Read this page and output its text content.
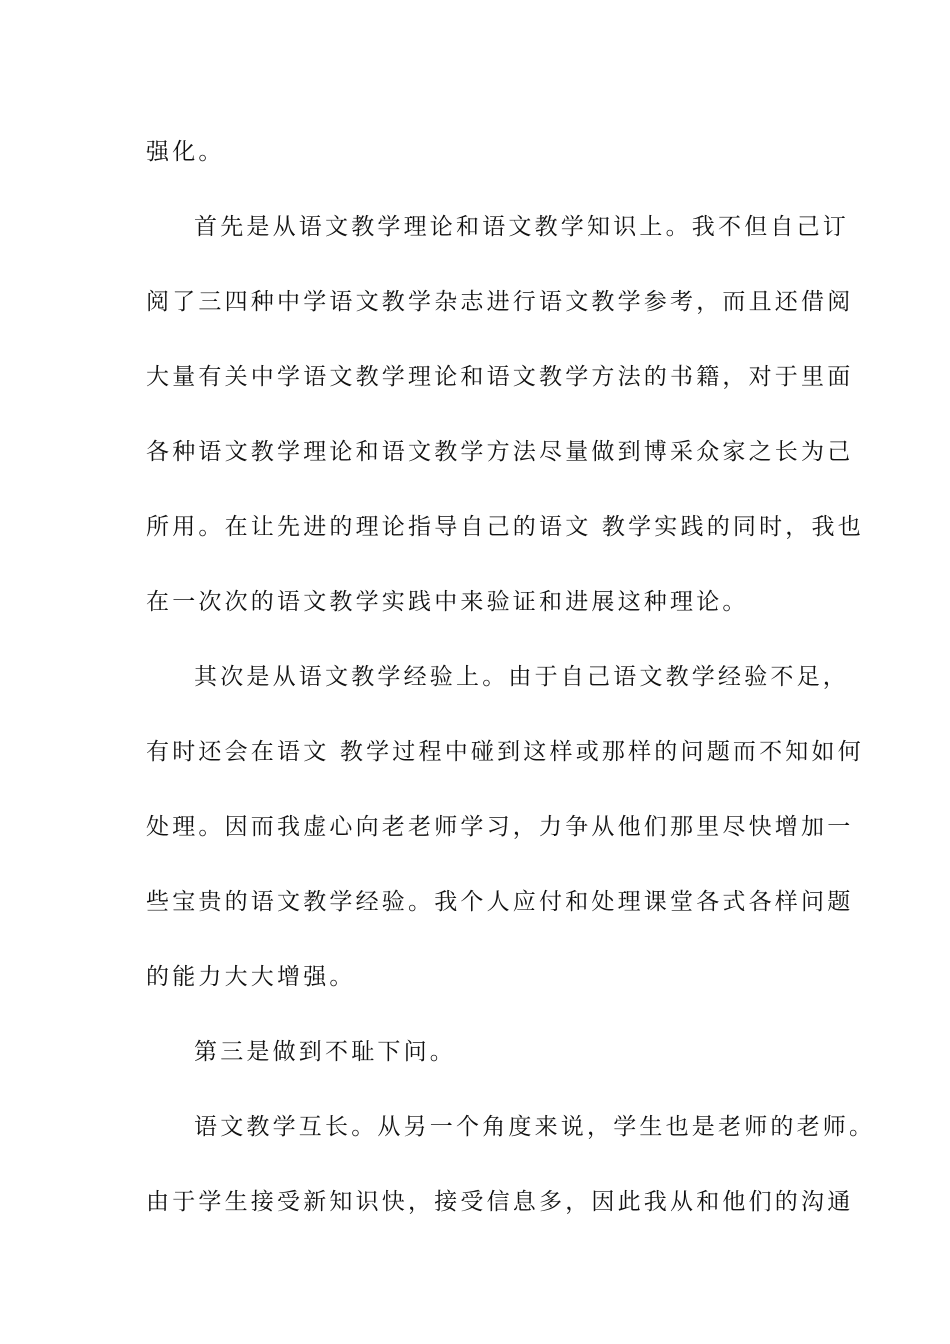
强化。
首先是从语文教学理论和语文教学知识上。我不但自己订
阅了三四种中学语文教学杂志进行语文教学参考，而且还借阅
大量有关中学语文教学理论和语文教学方法的书籍，对于里面
各种语文教学理论和语文教学方法尽量做到博采众家之长为己
所用。在让先进的理论指导自己的语文 教学实践的同时，我也
在一次次的语文教学实践中来验证和进展这种理论。
其次是从语文教学经验上。由于自己语文教学经验不足，
有时还会在语文 教学过程中碰到这样或那样的问题而不知如何
处理。因而我虚心向老老师学习，力争从他们那里尽快增加一
些宝贵的语文教学经验。我个人应付和处理课堂各式各样问题
的能力大大增强。
第三是做到不耻下问。
语文教学互长。从另一个角度来说，学生也是老师的老师。
由于学生接受新知识快，接受信息多，因此我从和他们的沟通
